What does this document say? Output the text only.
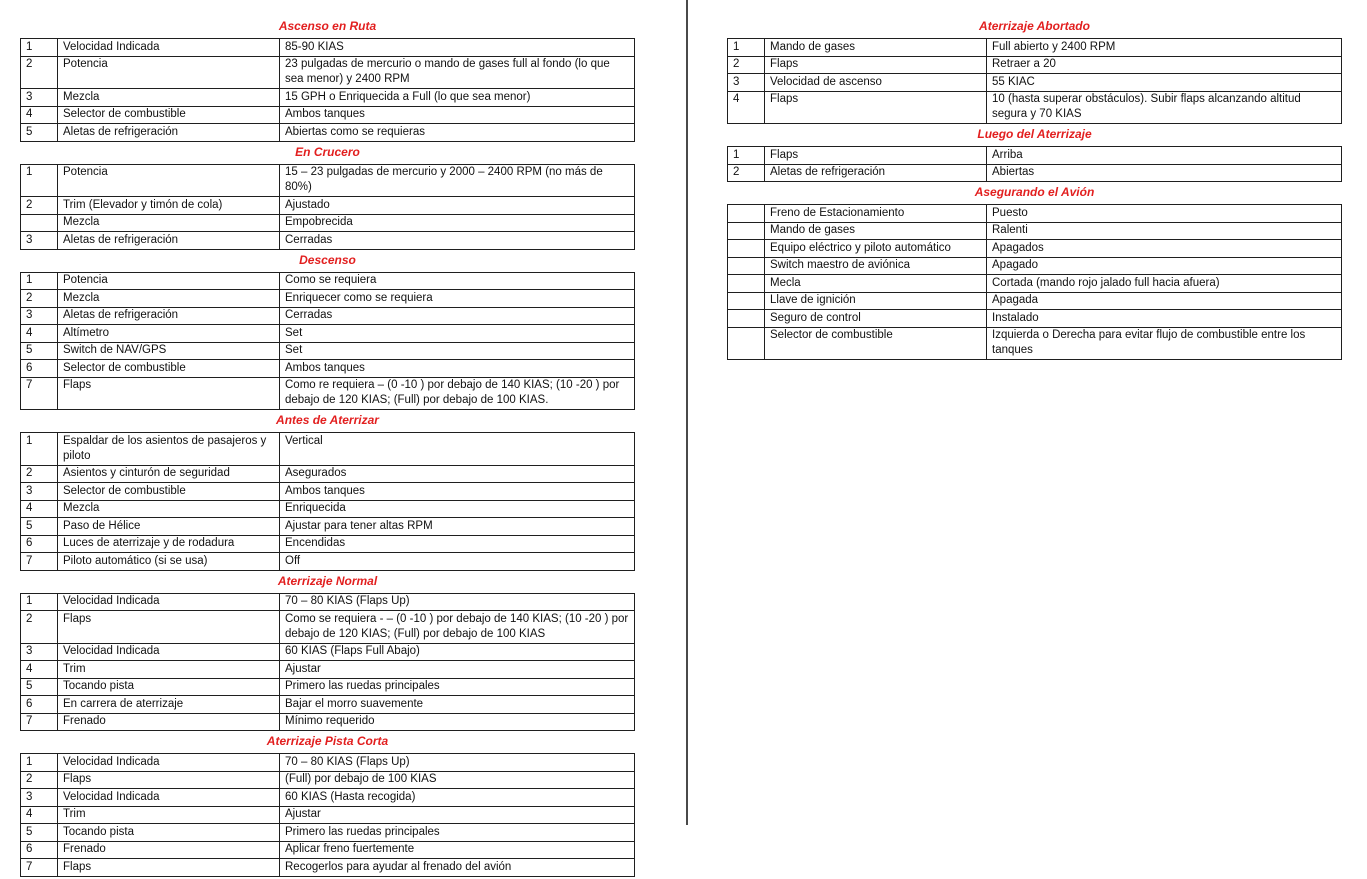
Ascenso en Ruta
1	Velocidad Indicada	85-90 KIAS
2	Potencia	23 pulgadas de mercurio o mando de gases full al fondo (lo que sea menor) y 2400 RPM
3	Mezcla	15 GPH o Enriquecida a Full (lo que sea menor)
4	Selector de combustible	Ambos tanques
5	Aletas de refrigeración	Abiertas como se requieras
En Crucero
1	Potencia	15 – 23 pulgadas de mercurio y 2000 – 2400 RPM (no más de 80%)
2	Trim (Elevador y timón de cola)	Ajustado
	Mezcla	Empobrecida
3	Aletas de refrigeración	Cerradas
Descenso
1	Potencia	Como se requiera
2	Mezcla	Enriquecer como se requiera
3	Aletas de refrigeración	Cerradas
4	Altímetro	Set
5	Switch de NAV/GPS	Set
6	Selector de combustible	Ambos tanques
7	Flaps	Como re requiera – (0 -10 ) por debajo de 140 KIAS; (10 -20 ) por debajo de 120 KIAS; (Full) por debajo de 100 KIAS.
Antes de Aterrizar
1	Espaldar de los asientos de pasajeros y piloto	Vertical
2	Asientos y cinturón de seguridad	Asegurados
3	Selector de combustible	Ambos tanques
4	Mezcla	Enriquecida
5	Paso de Hélice	Ajustar para tener altas RPM
6	Luces de aterrizaje y de rodadura	Encendidas
7	Piloto automático (si se usa)	Off
Aterrizaje Normal
1	Velocidad Indicada	70 – 80 KIAS (Flaps Up)
2	Flaps	Como se requiera - – (0 -10 ) por debajo de 140 KIAS; (10 -20 ) por debajo de 120 KIAS; (Full) por debajo de 100 KIAS
3	Velocidad Indicada	60 KIAS (Flaps Full Abajo)
4	Trim	Ajustar
5	Tocando pista	Primero las ruedas principales
6	En carrera de aterrizaje	Bajar el morro suavemente
7	Frenado	Mínimo requerido
Aterrizaje Pista Corta
1	Velocidad Indicada	70 – 80 KIAS (Flaps Up)
2	Flaps	(Full) por debajo de 100 KIAS
3	Velocidad Indicada	60 KIAS (Hasta recogida)
4	Trim	Ajustar
5	Tocando pista	Primero las ruedas principales
6	Frenado	Aplicar freno fuertemente
7	Flaps	Recogerlos para ayudar al frenado del avión
Aterrizaje Abortado
1	Mando de gases	Full abierto y 2400 RPM
2	Flaps	Retraer a 20
3	Velocidad de ascenso	55 KIAC
4	Flaps	10 (hasta superar obstáculos). Subir flaps alcanzando altitud segura y 70 KIAS
Luego del Aterrizaje
1	Flaps	Arriba
2	Aletas de refrigeración	Abiertas
Asegurando el Avión
	Freno de Estacionamiento	Puesto
	Mando de gases	Ralenti
	Equipo eléctrico y piloto automático	Apagados
	Switch maestro de aviónica	Apagado
	Mecla	Cortada (mando rojo jalado full hacia afuera)
	Llave de ignición	Apagada
	Seguro de control	Instalado
	Selector de combustible	Izquierda o Derecha para evitar flujo de combustible entre los tanques
